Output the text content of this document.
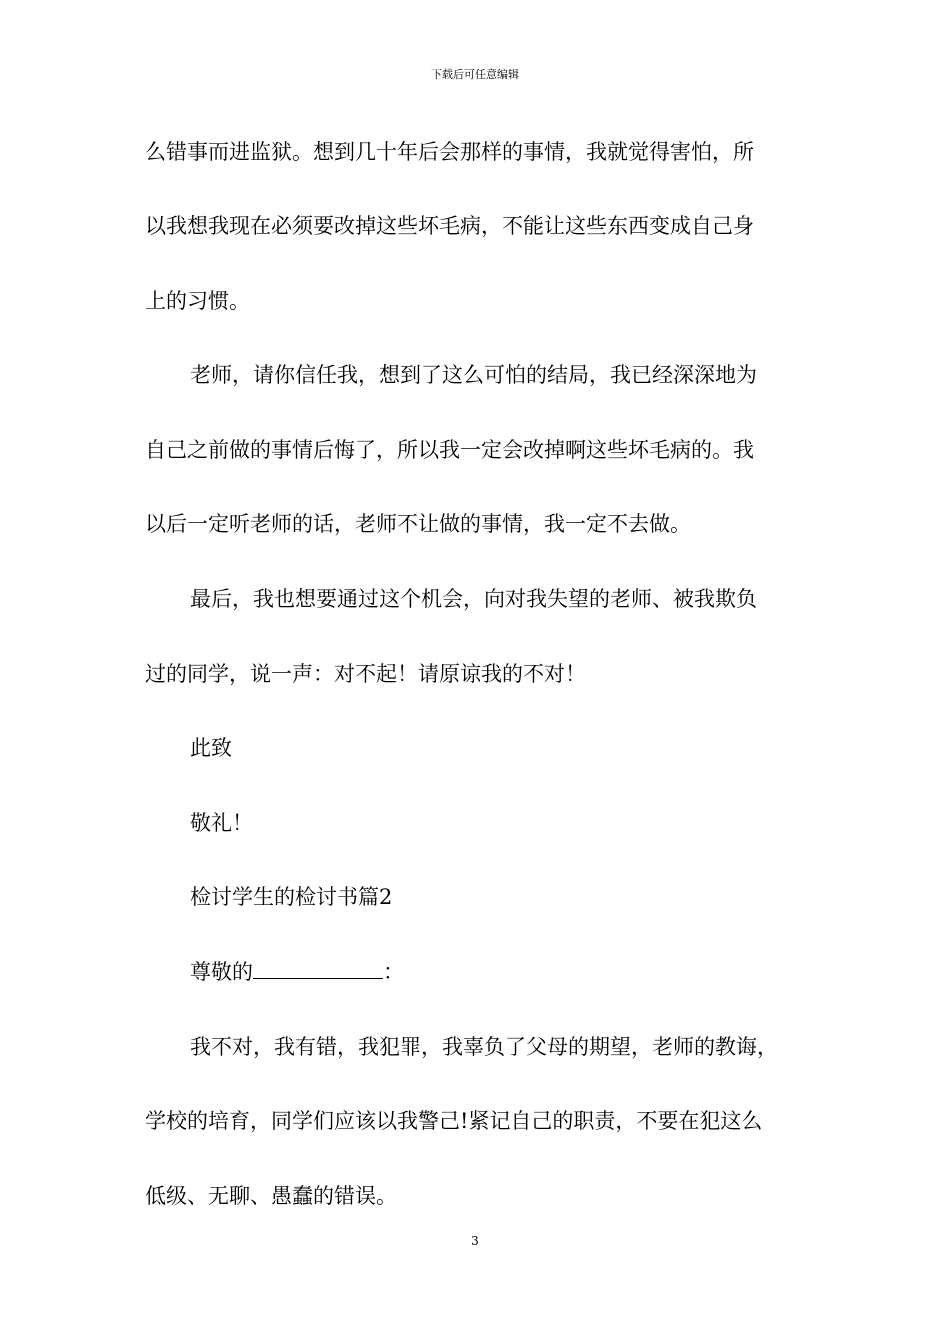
下载后可任意编辑
么错事而进监狱。想到几十年后会那样的事情，我就觉得害怕，所
以我想我现在必须要改掉这些坏毛病，不能让这些东西变成自己身
上的习惯。
老师，请你信任我，想到了这么可怕的结局，我已经深深地为
自己之前做的事情后悔了，所以我一定会改掉啊这些坏毛病的。我
以后一定听老师的话，老师不让做的事情，我一定不去做。
最后，我也想要通过这个机会，向对我失望的老师、被我欺负
过的同学，说一声：对不起！请原谅我的不对！
此致
敬礼！
检讨学生的检讨书篇2
尊敬的	：
我不对，我有错，我犯罪，我辜负了父母的期望，老师的教诲，
学校的培育，同学们应该以我警己!紧记自己的职责，不要在犯这么
低级、无聊、愚蠢的错误。
3
